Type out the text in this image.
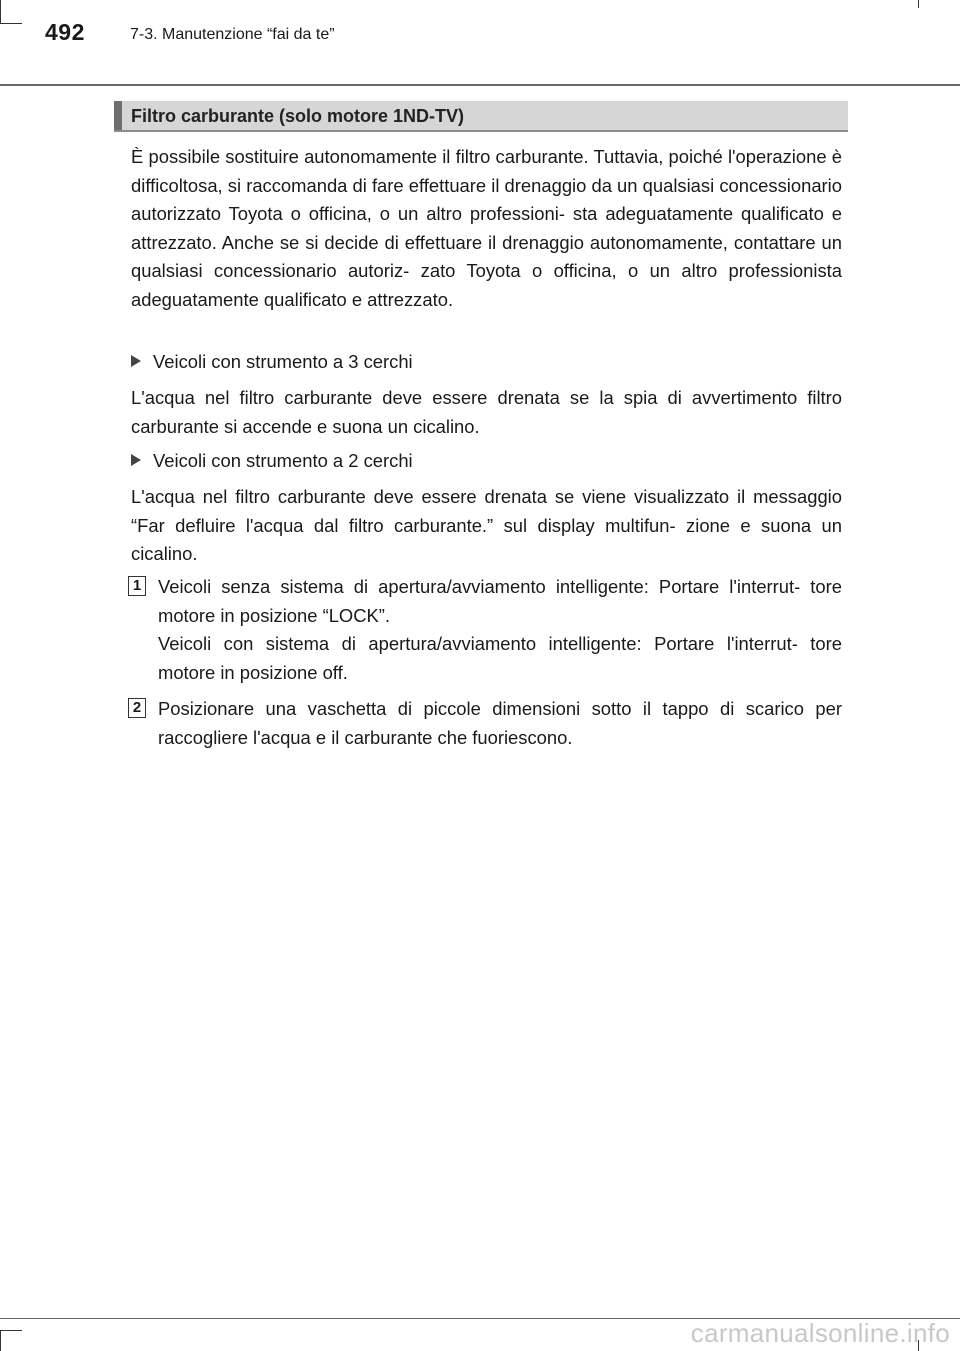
492	7-3. Manutenzione “fai da te”
Filtro carburante (solo motore 1ND-TV)

È possibile sostituire autonomamente il filtro carburante. Tuttavia, poiché l'operazione è difficoltosa, si raccomanda di fare effettuare il drenaggio da un qualsiasi concessionario autorizzato Toyota o officina, o un altro professioni- sta adeguatamente qualificato e attrezzato. Anche se si decide di effettuare il drenaggio autonomamente, contattare un qualsiasi concessionario autoriz- zato Toyota o officina, o un altro professionista adeguatamente qualificato e attrezzato.

Veicoli con strumento a 3 cerchi

L'acqua nel filtro carburante deve essere drenata se la spia di avvertimento filtro carburante si accende e suona un cicalino.

Veicoli con strumento a 2 cerchi

L'acqua nel filtro carburante deve essere drenata se viene visualizzato il messaggio “Far defluire l'acqua dal filtro carburante.” sul display multifun- zione e suona un cicalino.

1 Veicoli senza sistema di apertura/avviamento intelligente: Portare l'interrut- tore motore in posizione “LOCK”.

Veicoli con sistema di apertura/avviamento intelligente: Portare l'interrut- tore motore in posizione off.

2 Posizionare una vaschetta di piccole dimensioni sotto il tappo di scarico per raccogliere l'acqua e il carburante che fuoriescono.

carmanualsonline.info
